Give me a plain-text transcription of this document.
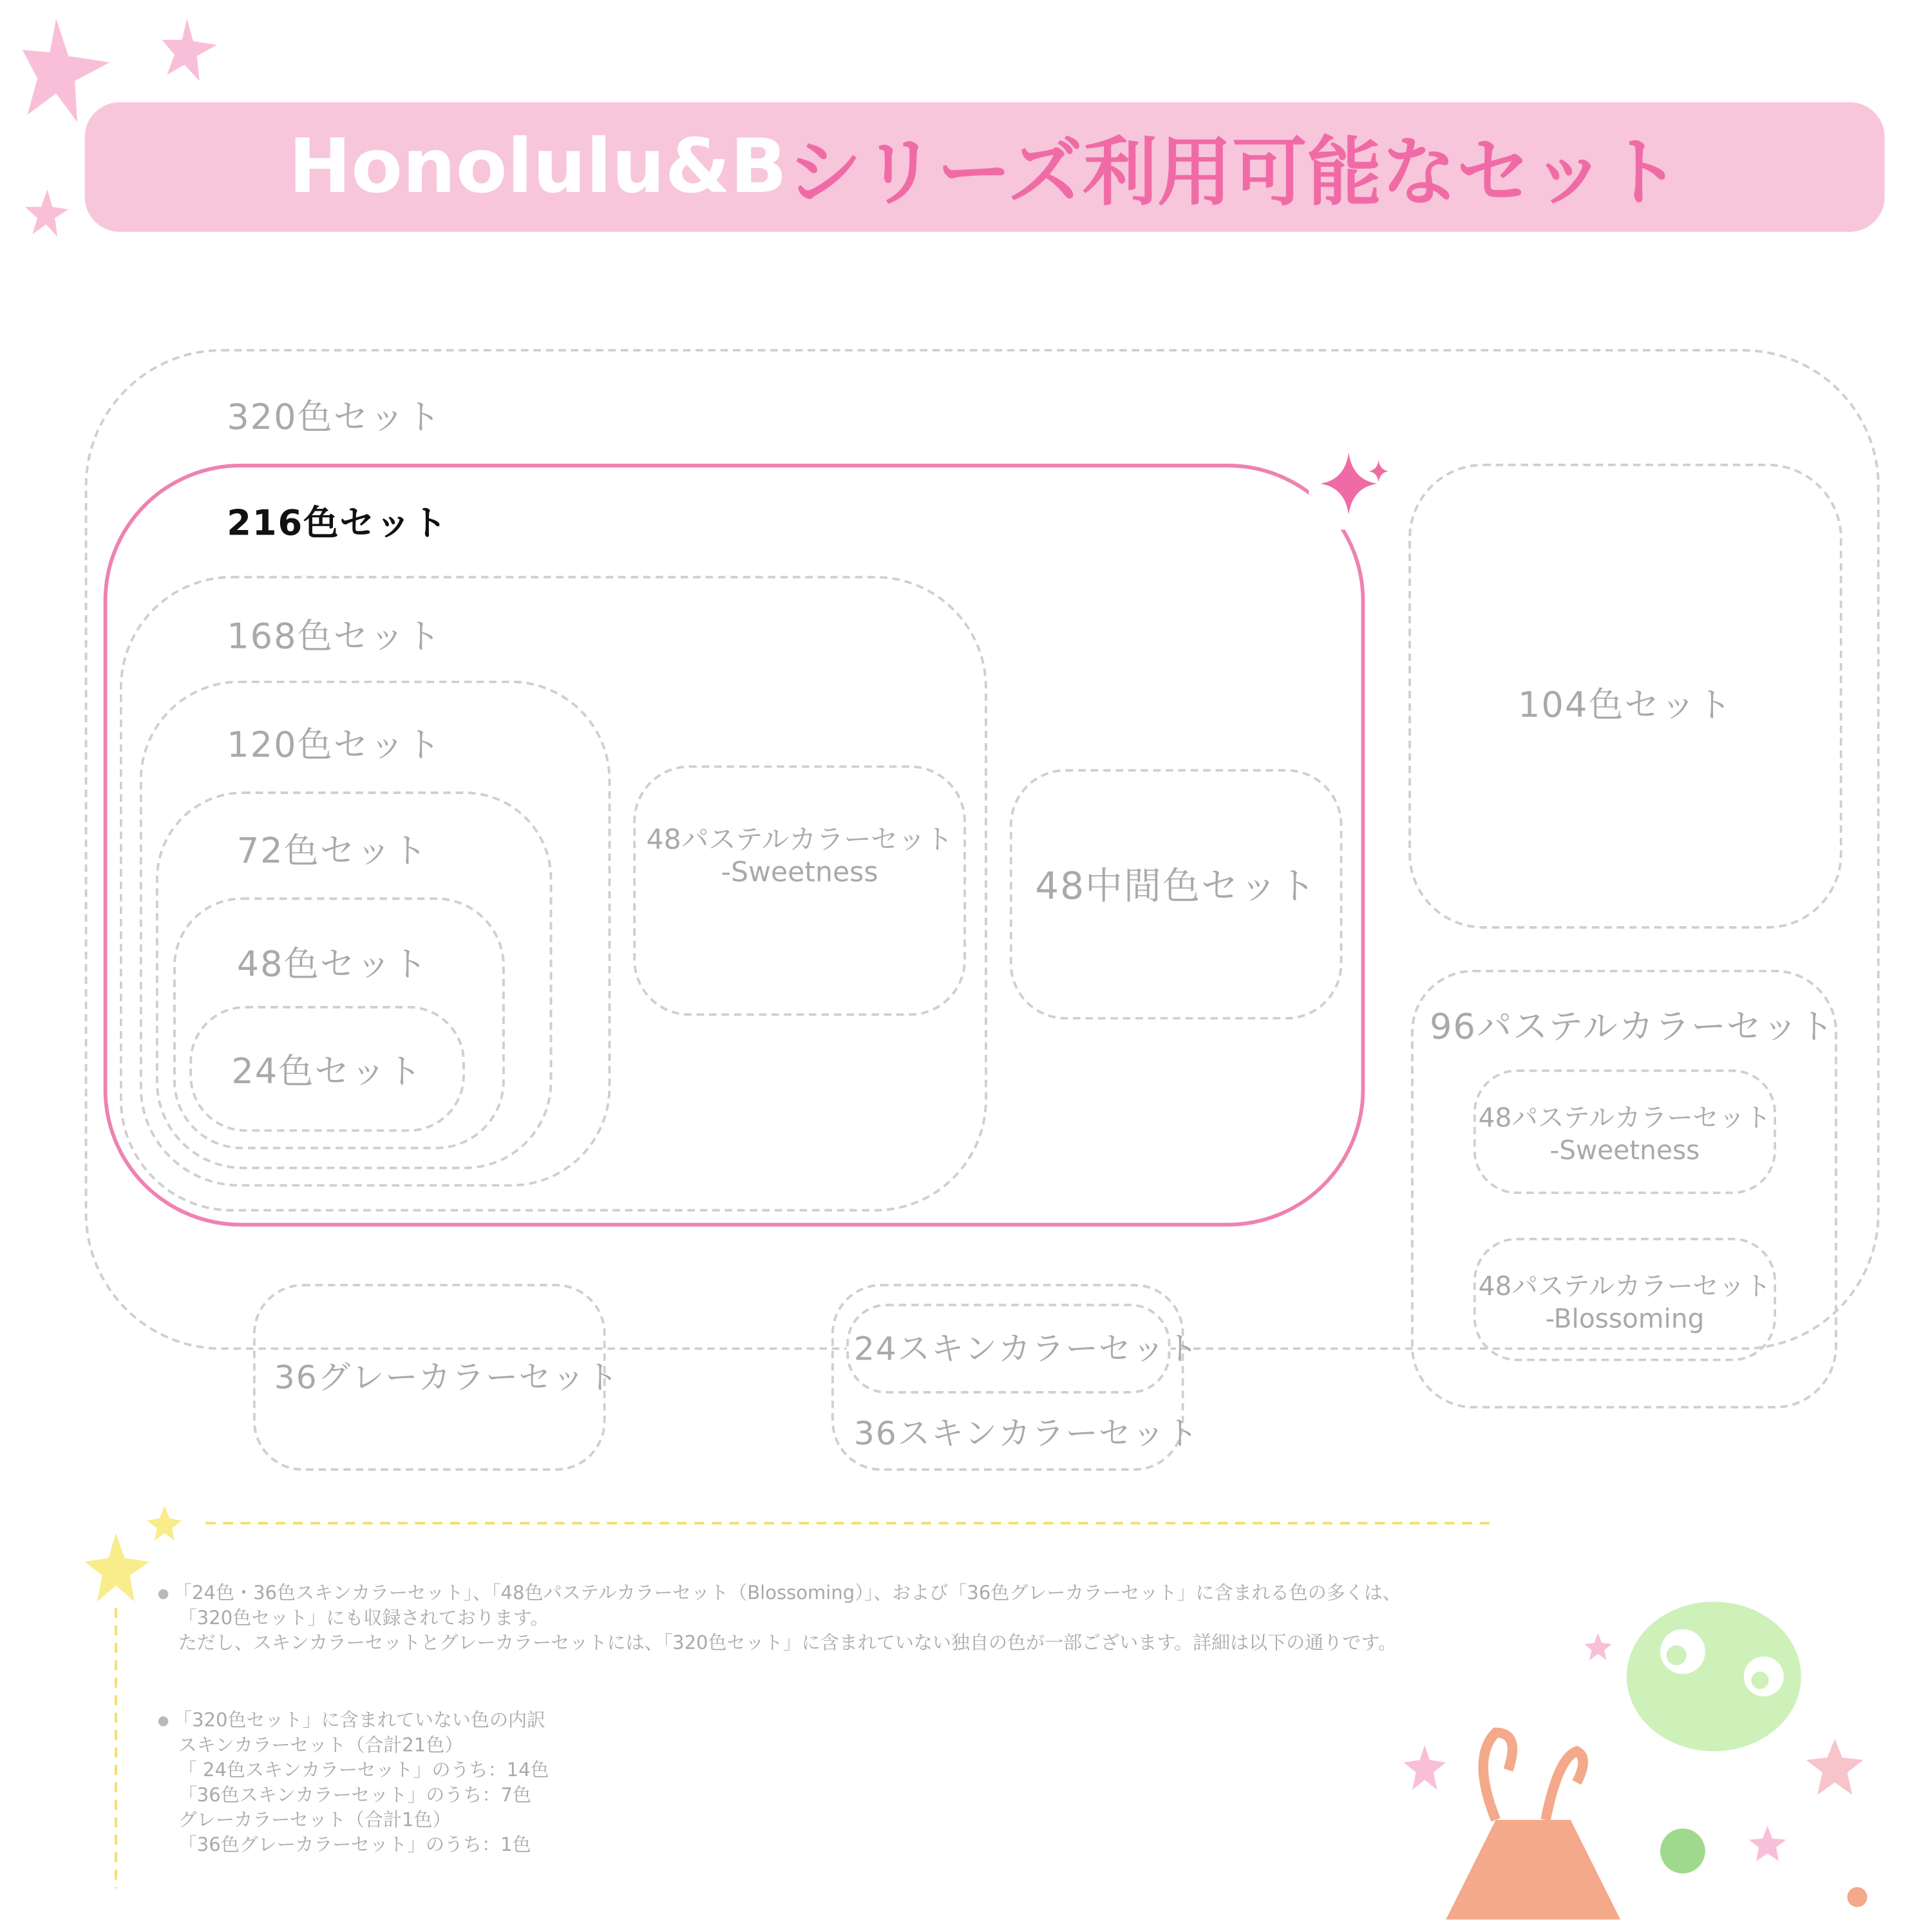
Honolulu&B シリーズ利用可能なセット
320色セット
216色セット
168色セット
120色セット
72色セット
48色セット
24色セット
48パステルカラーセット
-Sweetness	48中間色セット
104色セット
96パステルカラーセット
48パステルカラーセット
-Sweetness
48パステルカラーセット
-Blossoming
36グレーカラーセット
24スキンカラーセット
36スキンカラーセット
「24色・36色スキンカラーセット」、「48色パステルカラーセット（Blossoming）」、および「36色グレーカラーセット」に含まれる色の多くは、
「320色セット」にも収録されております。
ただし、スキンカラーセットとグレーカラーセットには、「320色セット」に含まれていない独自の色が一部ございます。詳細は以下の通りです。
「320色セット」に含まれていない色の内訳
スキンカラーセット（合計21色）
「 24色スキンカラーセット」のうち：14色
「36色スキンカラーセット」のうち：7色
グレーカラーセット（合計1色）
「36色グレーカラーセット」のうち：1色
